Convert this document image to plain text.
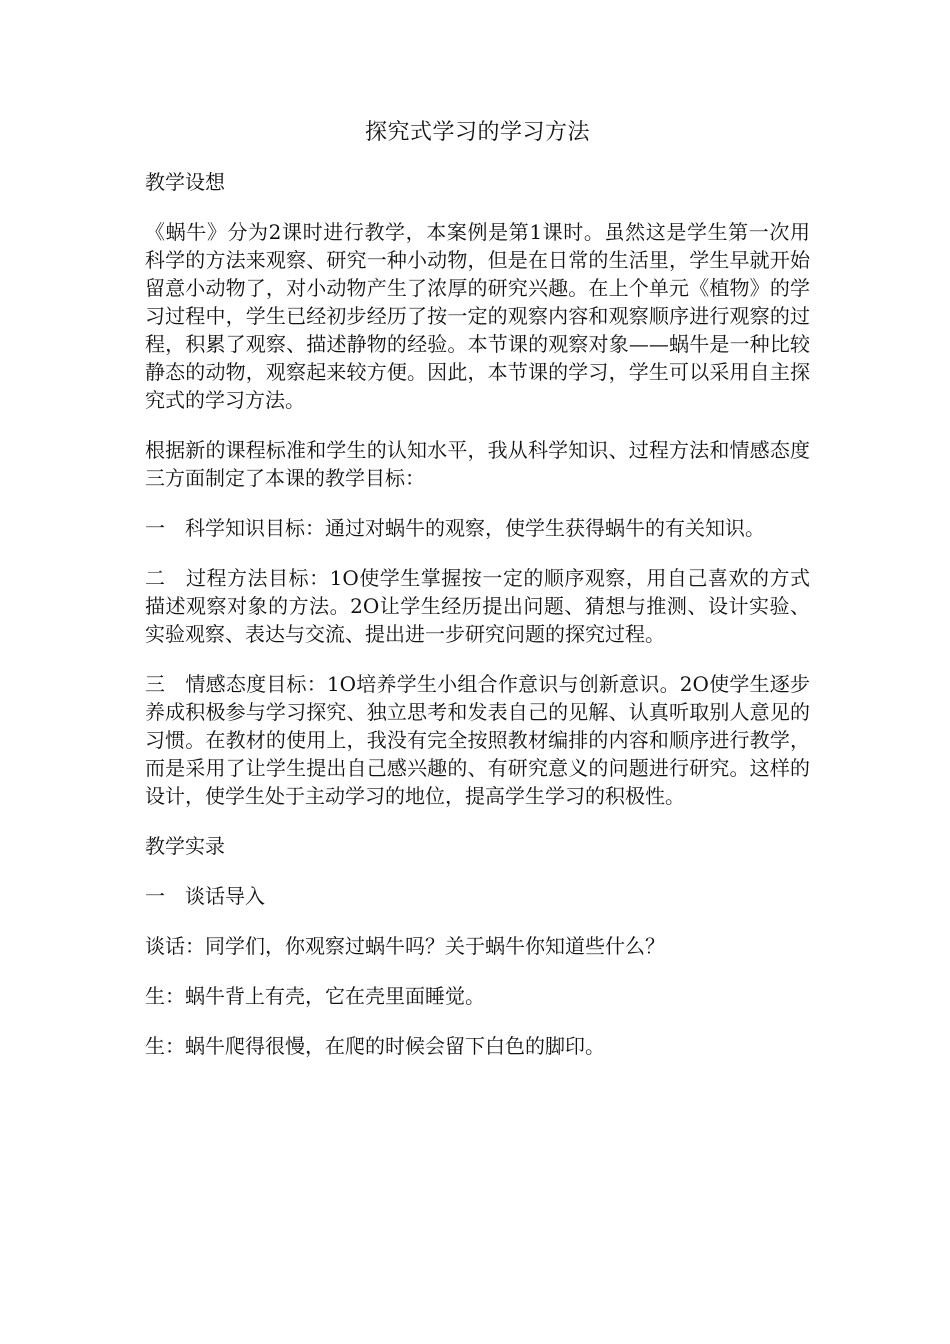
探究式学习的学习方法
教学设想

《蜗牛》分为2课时进行教学，本案例是第1课时。虽然这是学生第一次用科学的方法来观察、研究一种小动物，但是在日常的生活里，学生早就开始留意小动物了，对小动物产生了浓厚的研究兴趣。在上个单元《植物》的学习过程中，学生已经初步经历了按一定的观察内容和观察顺序进行观察的过程，积累了观察、描述静物的经验。本节课的观察对象——蜗牛是一种比较静态的动物，观察起来较方便。因此，本节课的学习，学生可以采用自主探究式的学习方法。

根据新的课程标准和学生的认知水平，我从科学知识、过程方法和情感态度三方面制定了本课的教学目标：

一　科学知识目标：通过对蜗牛的观察，使学生获得蜗牛的有关知识。

二　过程方法目标：1O使学生掌握按一定的顺序观察，用自己喜欢的方式描述观察对象的方法。2O让学生经历提出问题、猜想与推测、设计实验、实验观察、表达与交流、提出进一步研究问题的探究过程。

三　情感态度目标：1O培养学生小组合作意识与创新意识。2O使学生逐步养成积极参与学习探究、独立思考和发表自己的见解、认真听取别人意见的习惯。在教材的使用上，我没有完全按照教材编排的内容和顺序进行教学，而是采用了让学生提出自己感兴趣的、有研究意义的问题进行研究。这样的设计，使学生处于主动学习的地位，提高学生学习的积极性。

教学实录
一　谈话导入

谈话：同学们，你观察过蜗牛吗？关于蜗牛你知道些什么？

生：蜗牛背上有壳，它在壳里面睡觉。

生：蜗牛爬得很慢，在爬的时候会留下白色的脚印。
